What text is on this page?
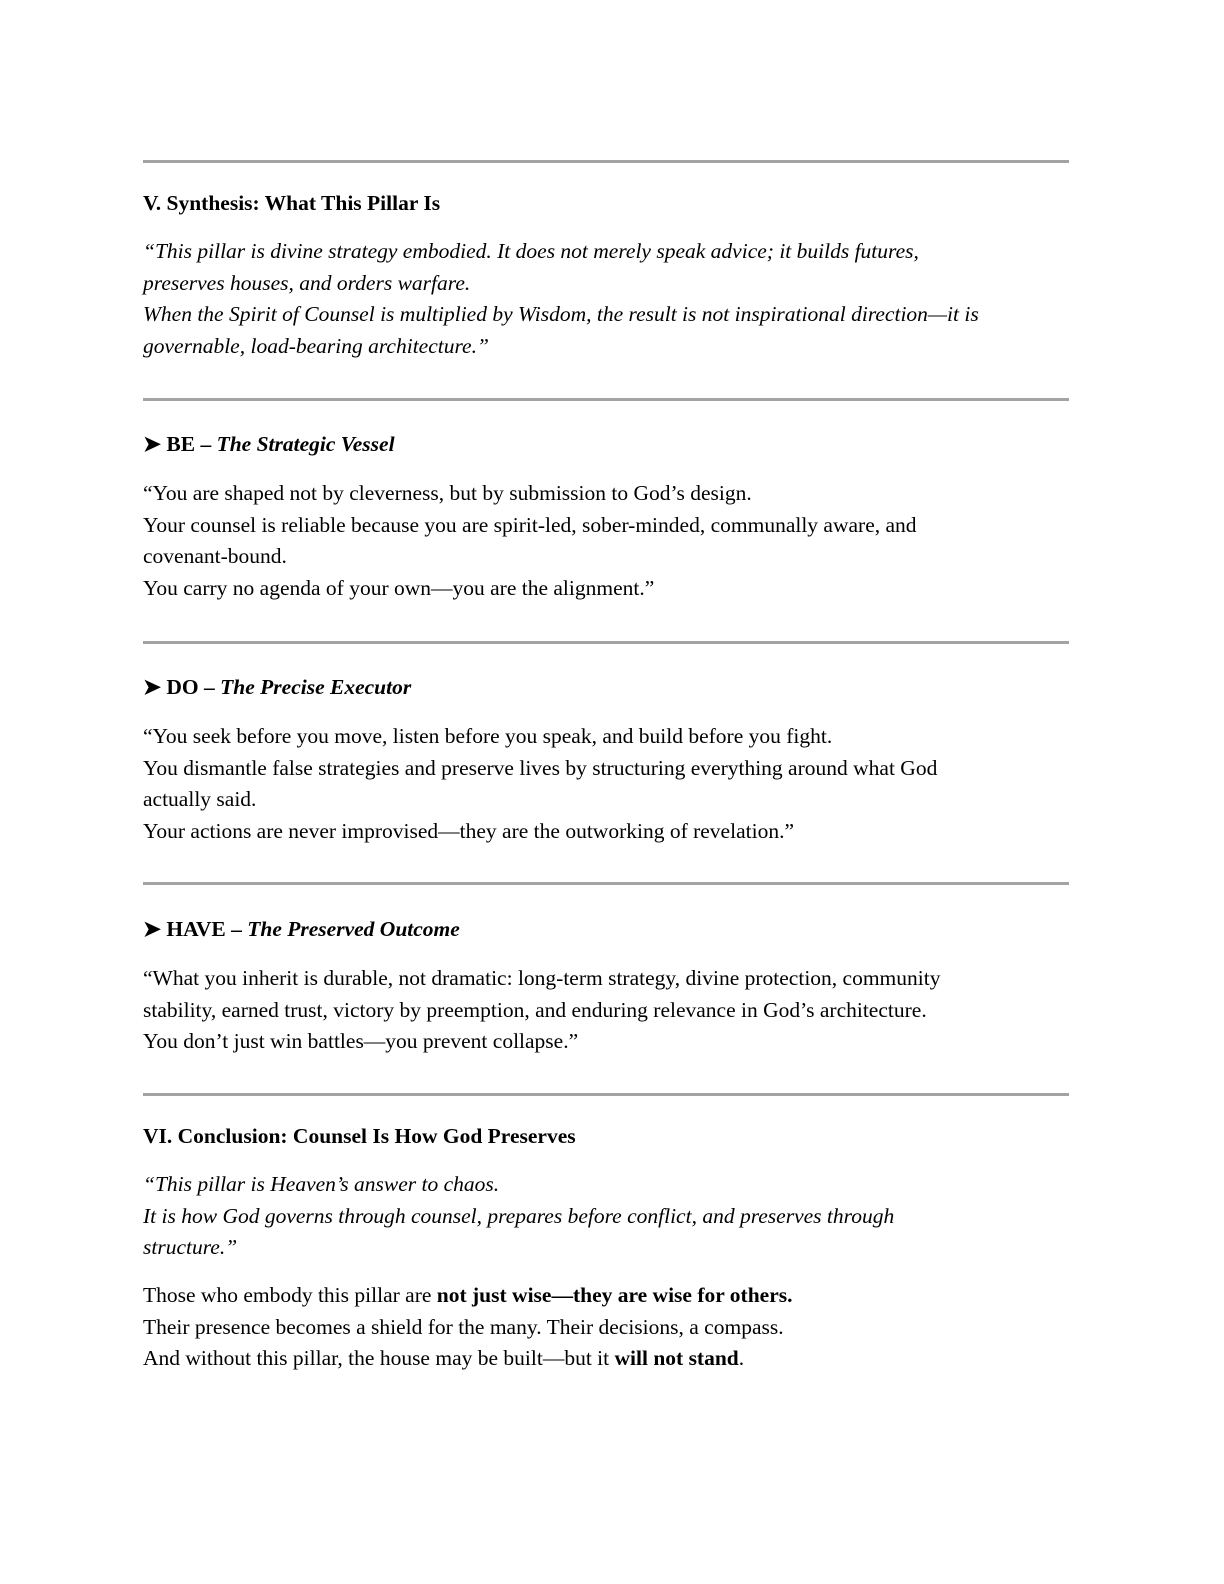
V. Synthesis: What This Pillar Is
“This pillar is divine strategy embodied. It does not merely speak advice; it builds futures,
preserves houses, and orders warfare.
When the Spirit of Counsel is multiplied by Wisdom, the result is not inspirational direction—it is
governable, load-bearing architecture.”
➤ BE – The Strategic Vessel
“You are shaped not by cleverness, but by submission to God’s design.
Your counsel is reliable because you are spirit-led, sober-minded, communally aware, and
covenant-bound.
You carry no agenda of your own—you are the alignment.”
➤ DO – The Precise Executor
“You seek before you move, listen before you speak, and build before you fight.
You dismantle false strategies and preserve lives by structuring everything around what God
actually said.
Your actions are never improvised—they are the outworking of revelation.”
➤ HAVE – The Preserved Outcome
“What you inherit is durable, not dramatic: long-term strategy, divine protection, community
stability, earned trust, victory by preemption, and enduring relevance in God’s architecture.
You don’t just win battles—you prevent collapse.”
VI. Conclusion: Counsel Is How God Preserves
“This pillar is Heaven’s answer to chaos.
It is how God governs through counsel, prepares before conflict, and preserves through
structure.”
Those who embody this pillar are not just wise—they are wise for others.
Their presence becomes a shield for the many. Their decisions, a compass.
And without this pillar, the house may be built—but it will not stand.
